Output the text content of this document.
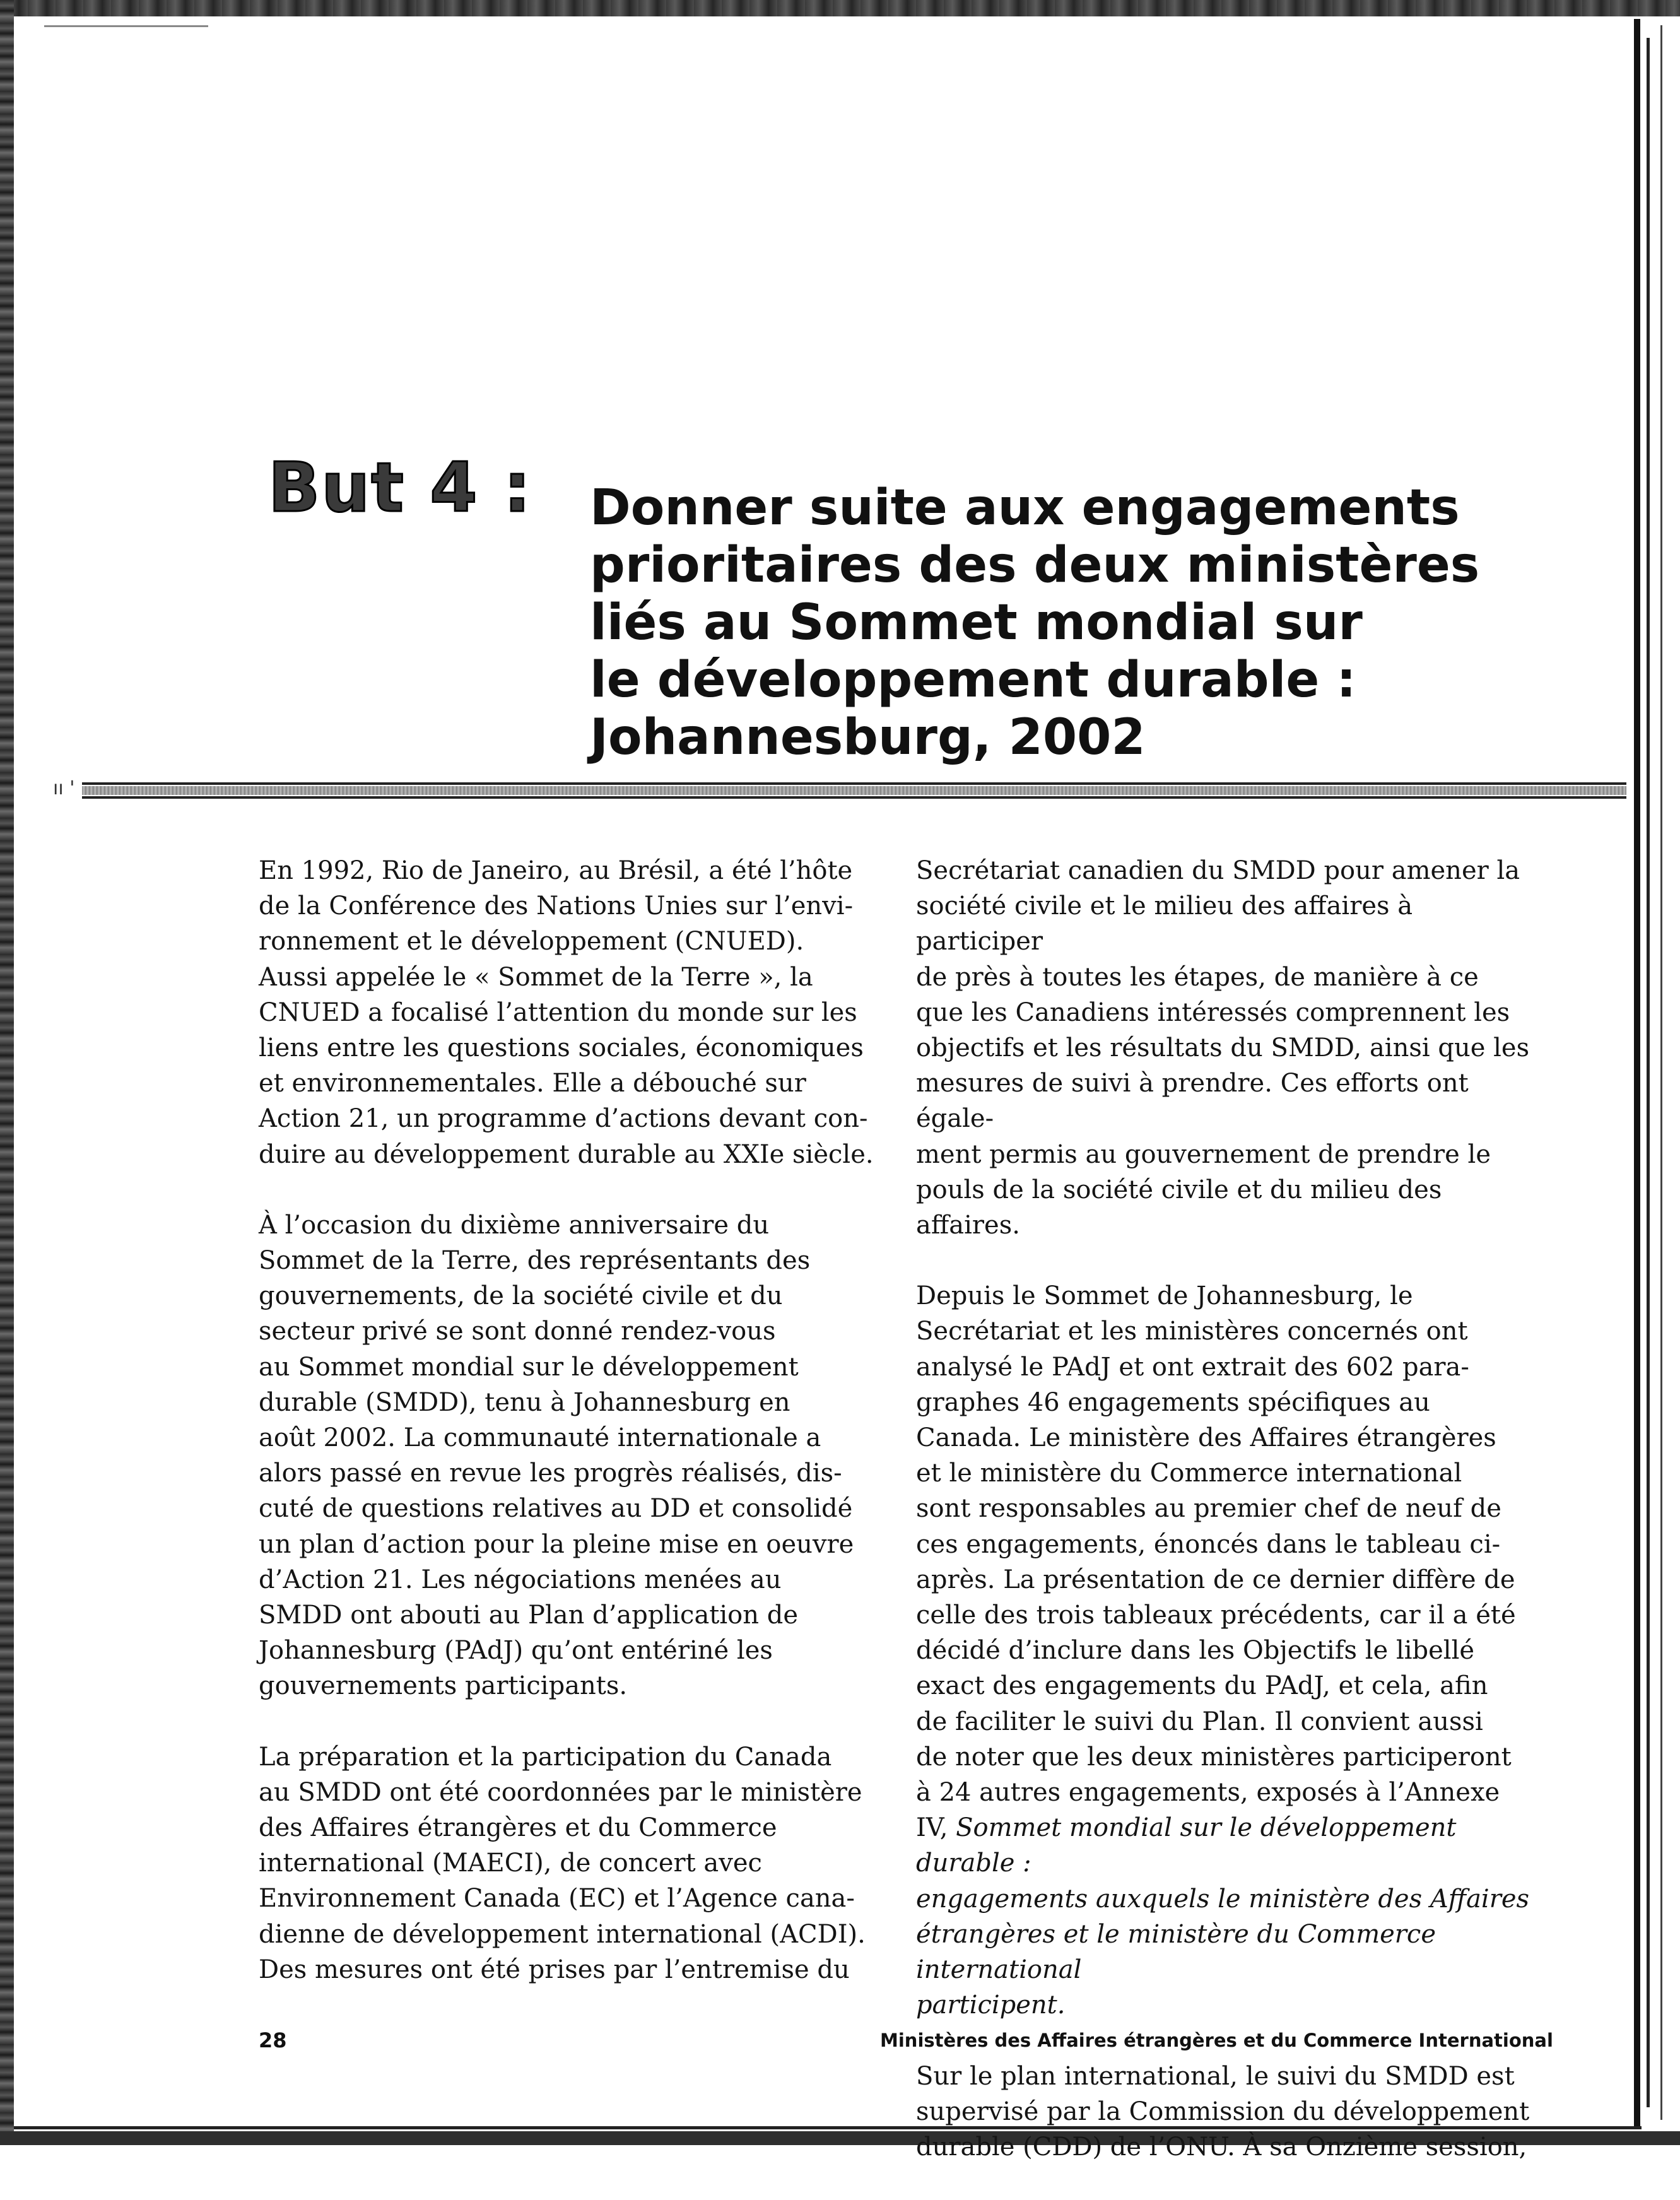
But 4 : Donner suite aux engagements
prioritaires des deux ministères
liés au Sommet mondial sur
le développement durable :
Johannesburg, 2002
ıı ꞌ

En 1992, Rio de Janeiro, au Brésil, a été l’hôte
de la Conférence des Nations Unies sur l’envi-
ronnement et le développement (CNUED).
Aussi appelée le « Sommet de la Terre », la
CNUED a focalisé l’attention du monde sur les
liens entre les questions sociales, économiques
et environnementales. Elle a débouché sur
Action 21, un programme d’actions devant con-
duire au développement durable au XXIe siècle.

À l’occasion du dixième anniversaire du
Sommet de la Terre, des représentants des
gouvernements, de la société civile et du
secteur privé se sont donné rendez-vous
au Sommet mondial sur le développement
durable (SMDD), tenu à Johannesburg en
août 2002. La communauté internationale a
alors passé en revue les progrès réalisés, dis-
cuté de questions relatives au DD et consolidé
un plan d’action pour la pleine mise en oeuvre
d’Action 21. Les négociations menées au
SMDD ont abouti au Plan d’application de
Johannesburg (PAdJ) qu’ont entériné les
gouvernements participants.

La préparation et la participation du Canada
au SMDD ont été coordonnées par le ministère
des Affaires étrangères et du Commerce
international (MAECI), de concert avec
Environnement Canada (EC) et l’Agence cana-
dienne de développement international (ACDI).
Des mesures ont été prises par l’entremise du

Secrétariat canadien du SMDD pour amener la
société civile et le milieu des affaires à participer
de près à toutes les étapes, de manière à ce
que les Canadiens intéressés comprennent les
objectifs et les résultats du SMDD, ainsi que les
mesures de suivi à prendre. Ces efforts ont égale-
ment permis au gouvernement de prendre le
pouls de la société civile et du milieu des affaires.

Depuis le Sommet de Johannesburg, le
Secrétariat et les ministères concernés ont
analysé le PAdJ et ont extrait des 602 para-
graphes 46 engagements spécifiques au
Canada. Le ministère des Affaires étrangères
et le ministère du Commerce international
sont responsables au premier chef de neuf de
ces engagements, énoncés dans le tableau ci-
après. La présentation de ce dernier diffère de
celle des trois tableaux précédents, car il a été
décidé d’inclure dans les Objectifs le libellé
exact des engagements du PAdJ, et cela, afin
de faciliter le suivi du Plan. Il convient aussi
de noter que les deux ministères participeront
à 24 autres engagements, exposés à l’Annexe
IV, Sommet mondial sur le développement durable :
engagements auxquels le ministère des Affaires
étrangères et le ministère du Commerce international
participent.

Sur le plan international, le suivi du SMDD est
supervisé par la Commission du développement
durable (CDD) de l’ONU. À sa Onzième session,

28	Ministères des Affaires étrangères et du Commerce International
